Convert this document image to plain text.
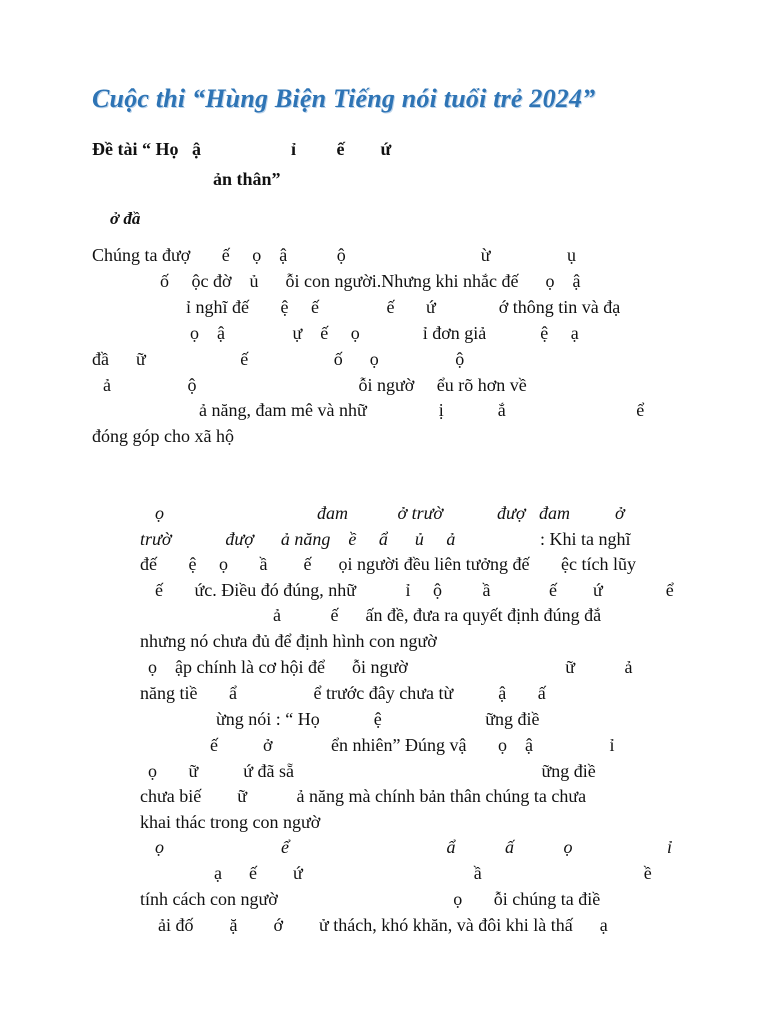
Cuộc thi “Hùng Biện Tiếng nói tuổi trẻ 2024”
Đề tài “ Họ   ậ                    ỉ         ế        ứ
ản thân”
ở đầ
Chúng ta đượ       ế     ọ    ậ           ộ                              ừ                 ụ
ố     ộc đờ    ủ      ỗi con người.Nhưng khi nhắc đế      ọ    ậ
ỉ nghĩ đế       ệ     ế               ế       ứ              ớ thông tin và đạ
ọ    ậ               ự    ế     ọ              ỉ đơn giả            ệ     ạ
đầ      ữ                     ế                   ố      ọ                 ộ
ả                 ộ                                    ỗi ngườ     ểu rõ hơn về
ả năng, đam mê và nhữ                ị            ắ                             ể
đóng góp cho xã hộ
ọ                                  đam           ở trườ            đượ   đam          ở
trườ            đượ      ả năng    ề     ẩ      ủ     ả	: Khi ta nghĩ
đế       ệ     ọ       ầ        ế      ọi người đều liên tưởng đế       ệc tích lũy
ế       ức. Điều đó đúng, nhữ           ỉ     ộ         ầ             ế        ứ              ể
ả           ế      ấn đề, đưa ra quyết định đúng đắ
nhưng nó chưa đủ để định hình con ngườ
ọ    ập chính là cơ hội để      ỗi ngườ                                   ữ           ả
năng tiề       ẩ                 ể trước đây chưa từ          ậ       ấ
ừng nói : “ Họ            ệ                       ững điề
ế          ở             ển nhiên” Đúng vậ       ọ    ậ                 ỉ
ọ       ữ          ứ đã sẵ                                                       ững điề
chưa biế        ữ           ả năng mà chính bản thân chúng ta chưa
khai thác trong con ngườ
ọ                          ể                                   ẩ           ấ           ọ                     ỉ
ạ      ế        ứ                                      ầ                                    ề
tính cách con ngườ                                       ọ       ỗi chúng ta điề
ải đố        ặ        ớ        ử thách, khó khăn, và đôi khi là thấ      ạ
